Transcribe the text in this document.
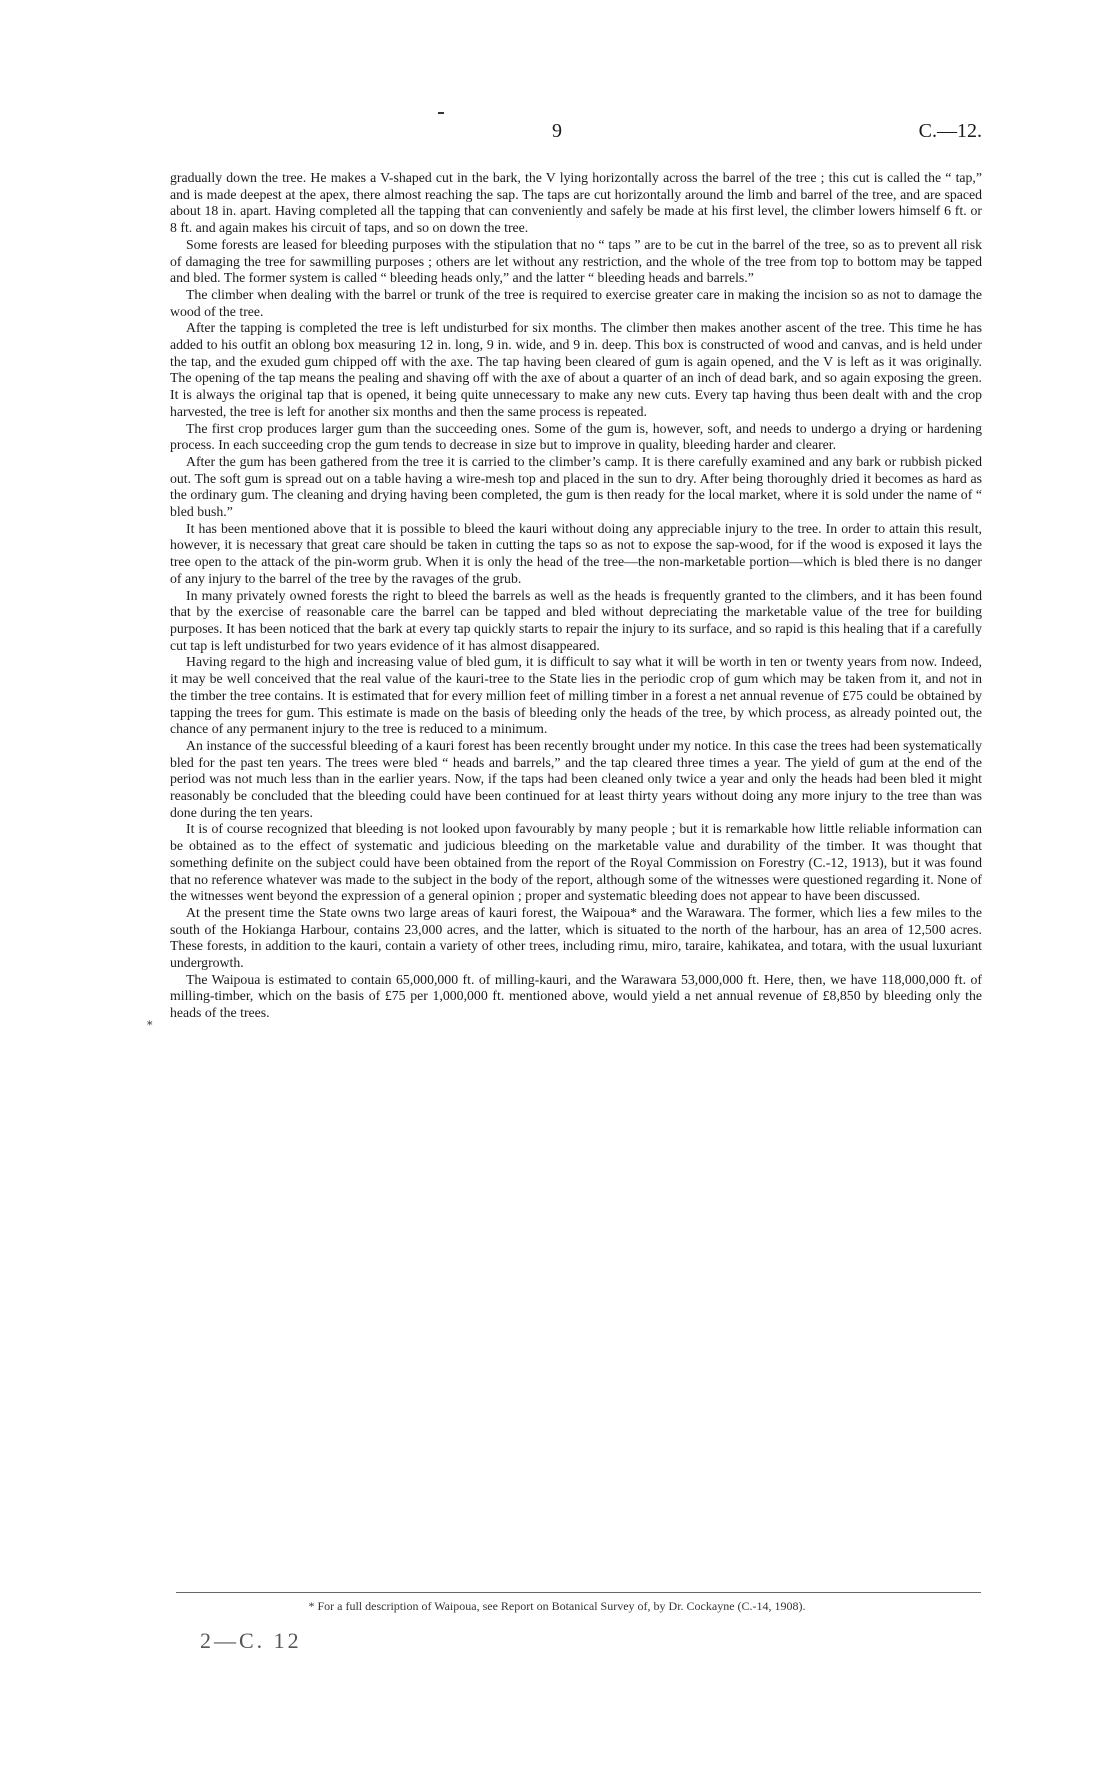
9	C.—12.

gradually down the tree. He makes a V-shaped cut in the bark, the V lying horizontally across the barrel of the tree ; this cut is called the “ tap,” and is made deepest at the apex, there almost reaching the sap. The taps are cut horizontally around the limb and barrel of the tree, and are spaced about 18 in. apart. Having completed all the tapping that can conveniently and safely be made at his first level, the climber lowers himself 6 ft. or 8 ft. and again makes his circuit of taps, and so on down the tree.

Some forests are leased for bleeding purposes with the stipulation that no “ taps ” are to be cut in the barrel of the tree, so as to prevent all risk of damaging the tree for sawmilling purposes ; others are let without any restriction, and the whole of the tree from top to bottom may be tapped and bled. The former system is called “ bleeding heads only,” and the latter “ bleeding heads and barrels.”

The climber when dealing with the barrel or trunk of the tree is required to exercise greater care in making the incision so as not to damage the wood of the tree.

After the tapping is completed the tree is left undisturbed for six months. The climber then makes another ascent of the tree. This time he has added to his outfit an oblong box measuring 12 in. long, 9 in. wide, and 9 in. deep. This box is constructed of wood and canvas, and is held under the tap, and the exuded gum chipped off with the axe. The tap having been cleared of gum is again opened, and the V is left as it was originally. The opening of the tap means the pealing and shaving off with the axe of about a quarter of an inch of dead bark, and so again exposing the green. It is always the original tap that is opened, it being quite unnecessary to make any new cuts. Every tap having thus been dealt with and the crop harvested, the tree is left for another six months and then the same process is repeated.

The first crop produces larger gum than the succeeding ones. Some of the gum is, however, soft, and needs to undergo a drying or hardening process. In each succeeding crop the gum tends to decrease in size but to improve in quality, bleeding harder and clearer.

After the gum has been gathered from the tree it is carried to the climber’s camp. It is there carefully examined and any bark or rubbish picked out. The soft gum is spread out on a table having a wire-mesh top and placed in the sun to dry. After being thoroughly dried it becomes as hard as the ordinary gum. The cleaning and drying having been completed, the gum is then ready for the local market, where it is sold under the name of “ bled bush.”

It has been mentioned above that it is possible to bleed the kauri without doing any appreciable injury to the tree. In order to attain this result, however, it is necessary that great care should be taken in cutting the taps so as not to expose the sap-wood, for if the wood is exposed it lays the tree open to the attack of the pin-worm grub. When it is only the head of the tree—the non-marketable portion—which is bled there is no danger of any injury to the barrel of the tree by the ravages of the grub.

In many privately owned forests the right to bleed the barrels as well as the heads is frequently granted to the climbers, and it has been found that by the exercise of reasonable care the barrel can be tapped and bled without depreciating the marketable value of the tree for building purposes. It has been noticed that the bark at every tap quickly starts to repair the injury to its surface, and so rapid is this healing that if a carefully cut tap is left undisturbed for two years evidence of it has almost disappeared.

Having regard to the high and increasing value of bled gum, it is difficult to say what it will be worth in ten or twenty years from now. Indeed, it may be well conceived that the real value of the kauri-tree to the State lies in the periodic crop of gum which may be taken from it, and not in the timber the tree contains. It is estimated that for every million feet of milling timber in a forest a net annual revenue of £75 could be obtained by tapping the trees for gum. This estimate is made on the basis of bleeding only the heads of the tree, by which process, as already pointed out, the chance of any permanent injury to the tree is reduced to a minimum.

An instance of the successful bleeding of a kauri forest has been recently brought under my notice. In this case the trees had been systematically bled for the past ten years. The trees were bled “ heads and barrels,” and the tap cleared three times a year. The yield of gum at the end of the period was not much less than in the earlier years. Now, if the taps had been cleaned only twice a year and only the heads had been bled it might reasonably be concluded that the bleeding could have been continued for at least thirty years without doing any more injury to the tree than was done during the ten years.

It is of course recognized that bleeding is not looked upon favourably by many people ; but it is remarkable how little reliable information can be obtained as to the effect of systematic and judicious bleeding on the marketable value and durability of the timber. It was thought that something definite on the subject could have been obtained from the report of the Royal Commission on Forestry (C.-12, 1913), but it was found that no reference whatever was made to the subject in the body of the report, although some of the witnesses were questioned regarding it. None of the witnesses went beyond the expression of a general opinion ; proper and systematic bleeding does not appear to have been discussed.

At the present time the State owns two large areas of kauri forest, the Waipoua* and the Warawara. The former, which lies a few miles to the south of the Hokianga Harbour, contains 23,000 acres, and the latter, which is situated to the north of the harbour, has an area of 12,500 acres. These forests, in addition to the kauri, contain a variety of other trees, including rimu, miro, taraire, kahikatea, and totara, with the usual luxuriant undergrowth.

The Waipoua is estimated to contain 65,000,000 ft. of milling-kauri, and the Warawara 53,000,000 ft. Here, then, we have 118,000,000 ft. of milling-timber, which on the basis of £75 per 1,000,000 ft. mentioned above, would yield a net annual revenue of £8,850 by bleeding only the heads of the trees.

⁎
* For a full description of Waipoua, see Report on Botanical Survey of, by Dr. Cockayne (C.-14, 1908).
2—C. 12
